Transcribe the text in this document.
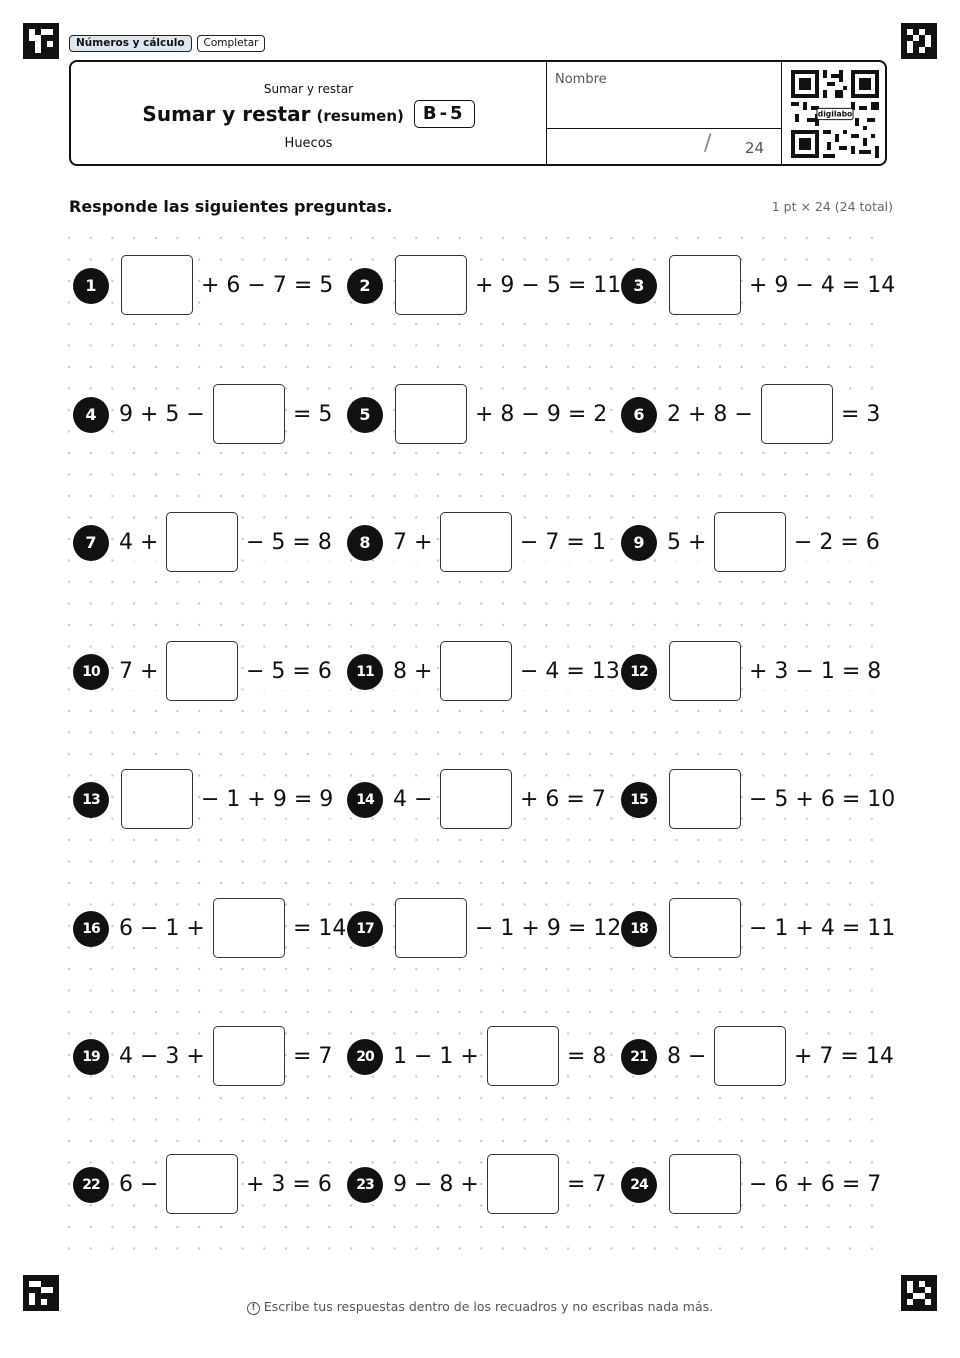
Números y cálculo	Completar
Sumar y restar
Sumar y restar (resumen)	B-5
Huecos
Nombre
/ 24
digilabo
Responde las siguientes preguntas.	1 pt × 24 (24 total)
1	+ 6 − 7 = 5	2	+ 9 − 5 = 11 3	+ 9 − 4 = 14
4	9 + 5 −	= 5	5	+ 8 − 9 = 2	6	2 + 8 −	= 3
7	4 +	− 5 = 8	8	7 +	− 7 = 1	9	5 +	− 2 = 6
10 7 +	− 5 = 6	11 8 +	− 4 = 13 12	+ 3 − 1 = 8
13	− 1 + 9 = 9	14 4 −	+ 6 = 7	15	− 5 + 6 = 10
16 6 − 1 +	= 14 17	− 1 + 9 = 12 18	− 1 + 4 = 11
19 4 − 3 +	= 7	20 1 − 1 +	= 8	21 8 −	+ 7 = 14
22 6 −	+ 3 = 6	23 9 − 8 +	= 7	24	− 6 + 6 = 7
! Escribe tus respuestas dentro de los recuadros y no escribas nada más.
